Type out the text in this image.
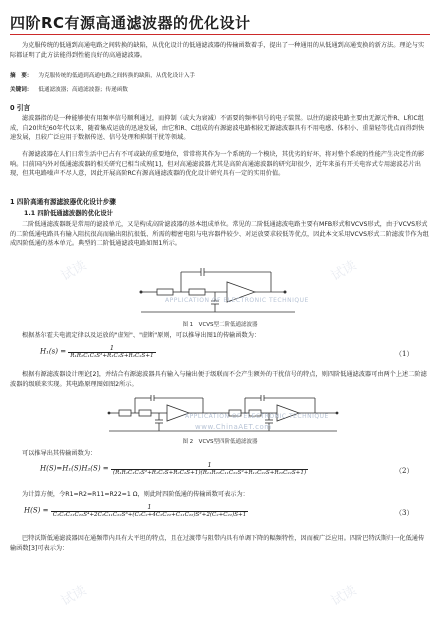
四阶RC有源高通滤波器的优化设计
为克服传统的低通到高通电路之间转换的缺陷，从优化设计的低通滤波器的传输函数着手，提出了一种通用的从低通到高通变换的新方法。理论与实际都证明了此方法能得到性能良好的高通滤波器。
摘　要： 为克服传统的低通到高通电路之间转换的缺陷，从优化设计入手
关键词： 低通滤波器；高通滤波器；传递函数
0 引言
滤波器指的是一种能够使有用频率信号顺利通过，而抑制（或大为衰减）不需要的频率信号的电子装置。以往的滤波电路主要由无源元件R、L和C组成，自20世纪60年代以来，随着集成运放的迅速发展，由它和R、C组成的有源滤波电路相较无源滤波器具有不用电感、体积小、重量轻等优点而得到快速发展，且较广泛应用于数据传送、信号处理和抑制干扰等领域。
有源滤波器在人们日常生活中已占有不可或缺的重要地位，常常将其作为一个系统的一个模块，其优劣的好坏，将对整个系统的性能产生决定性的影响。目前国内外对低通滤波器的相关研究已相当成熟[1]，但对高通滤波器尤其是高阶高通滤波器的研究却很少，近年来虽有开关电容式专用滤波芯片出现，但其电路噪声不尽人意，因此开展高阶RC有源高通滤波器的优化设计研究具有一定的实用价值。
1 四阶高通有源滤波器优化设计步骤
1.1 四阶低通滤波器的优化设计
二阶低通滤波器既是常用的滤波单元，又是构成高阶滤波器的基本组成单位。常见的二阶低通滤波电路主要有MFB形式和VCVS形式，由于VCVS形式的二阶低通电路具有输入阻抗很高而输出阻抗很低、所需的精密电阻与电容器件较少、对运放要求较低等优点，因此本文采用VCVS形式二阶滤波节作为组成四阶低通的基本单元。典型的二阶低通滤波电路如图1所示。
图 1　VCVS型二阶低通滤波器
根据基尔霍夫电流定律以及运放的"虚短"、"虚断"原则，可以推导出图1的传输函数为：
$H_1(s) = \frac{1}{\text{R₁R₂C₁C₂S²+R₁C₂S+R₂C₂S+1}}$	（1）
根据有源滤波器设计理论[2]，并结合有源滤波器具有输入与输出便于级联而不会产生额外的干扰信号的特点，则四阶低通滤波器可由两个上述二阶滤波器的级联来实现。其电路原理图如图2所示。
图 2　VCVS型四阶低通滤波器
可以推导出其传输函数为：
$H(S)=H_1(S)H_2(S) = \frac{1}{\text{(R₁R₂C₁C₂S²+R₁C₂S+R₂C₂S+1)(R₁₁R₂₂C₁₁C₂₂S²+R₁₁C₂₂S+R₂₂C₂₂S+1)}}$	（2）
为计算方便，令R1=R2=R11=R22=1 Ω，则此时四阶低通的传输函数可表示为：
$H(S) = \frac{1}{\text{C₁C₂C₁₁C₂₂S⁴+2C₂C₁₁C₂₂S³+(C₁C₂+4C₂C₂₂+C₁₁C₂₂)S²+2(C₂+C₂₂)S+1}}$	（3）
巴特沃斯低通滤波器因在通频带内具有大平坦的特点，且在过渡带与阻带内具有单调下降的幅频特性，因而被广泛应用。四阶巴特沃斯归一化低通传输函数[3]可表示为：
试读	试读
试读	试读
APPLICATION OF ELECTRONIC TECHNIQUE
APPLICATION OF ELECTRONIC TECHNIQUE
www.ChinaAET.com
